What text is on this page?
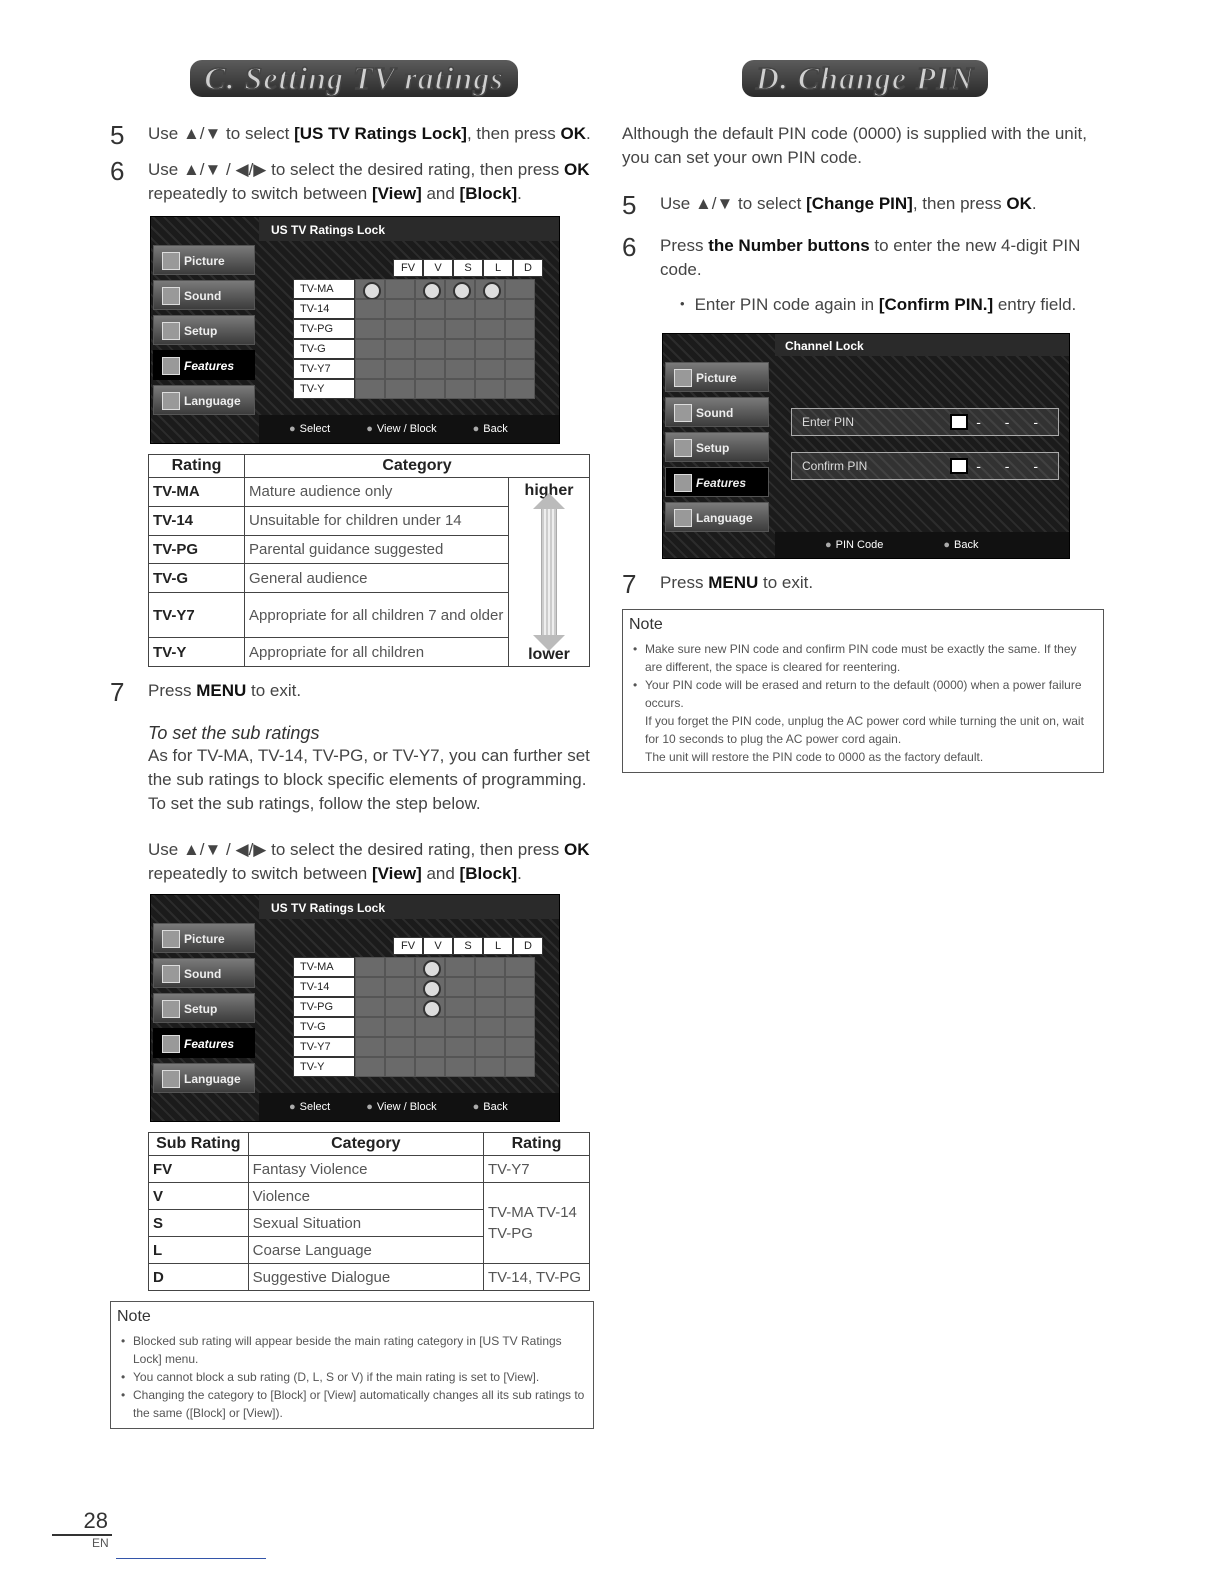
C. Setting TV ratings
5	Use ▲/▼ to select [US TV Ratings Lock], then press OK.
6	Use ▲/▼ / ◀/▶ to select the desired rating, then press OK repeatedly to switch between [View] and [Block].
Picture
Sound
Setup
Features
Language
US TV Ratings Lock
FV	V	S	L	D
TV-MA
TV-14
TV-PG
TV-G
TV-Y7
TV-Y
● Select	● View / Block	● Back
Rating	Category	
TV-MA	Mature audience only	higher
lower

TV-14	Unsuitable for children under 14	
TV-PG	Parental guidance suggested	
TV-G	General audience	
TV-Y7	Appropriate for all children 7 and older	
TV-Y	Appropriate for all children	
7	Press MENU to exit.
To set the sub ratings
As for TV-MA, TV-14, TV-PG, or TV-Y7, you can further set the sub ratings to block specific elements of programming. To set the sub ratings, follow the step below.
Use ▲/▼ / ◀/▶ to select the desired rating, then press OK repeatedly to switch between [View] and [Block].
Picture
Sound
Setup
Features
Language
US TV Ratings Lock
FV	V	S	L	D
TV-MA
TV-14
TV-PG
TV-G
TV-Y7
TV-Y
● Select	● View / Block	● Back
Sub Rating	Category	Rating
FV	Fantasy Violence	TV-Y7
V	Violence	TV-MA TV-14 TV-PG
S	Sexual Situation	
L	Coarse Language	
D	Suggestive Dialogue	TV-14, TV-PG
Note
• Blocked sub rating will appear beside the main rating category in [US TV Ratings Lock] menu.
• You cannot block a sub rating (D, L, S or V) if the main rating is set to [View].
• Changing the category to [Block] or [View] automatically changes all its sub ratings to the same ([Block] or [View]).
D. Change PIN
Although the default PIN code (0000) is supplied with the unit, you can set your own PIN code.
5	Use ▲/▼ to select [Change PIN], then press OK.
6	Press the Number buttons to enter the new 4-digit PIN code.
• Enter PIN code again in [Confirm PIN.] entry field.
Picture
Sound
Setup
Features
Language
Channel Lock
Enter PIN	- - -
Confirm PIN	- - -
● PIN Code	● Back
7	Press MENU to exit.
Note
• Make sure new PIN code and confirm PIN code must be exactly the same. If they are different, the space is cleared for reentering.
• Your PIN code will be erased and return to the default (0000) when a power failure occurs.
If you forget the PIN code, unplug the AC power cord while turning the unit on, wait for 10 seconds to plug the AC power cord again.
The unit will restore the PIN code to 0000 as the factory default.
28
EN
